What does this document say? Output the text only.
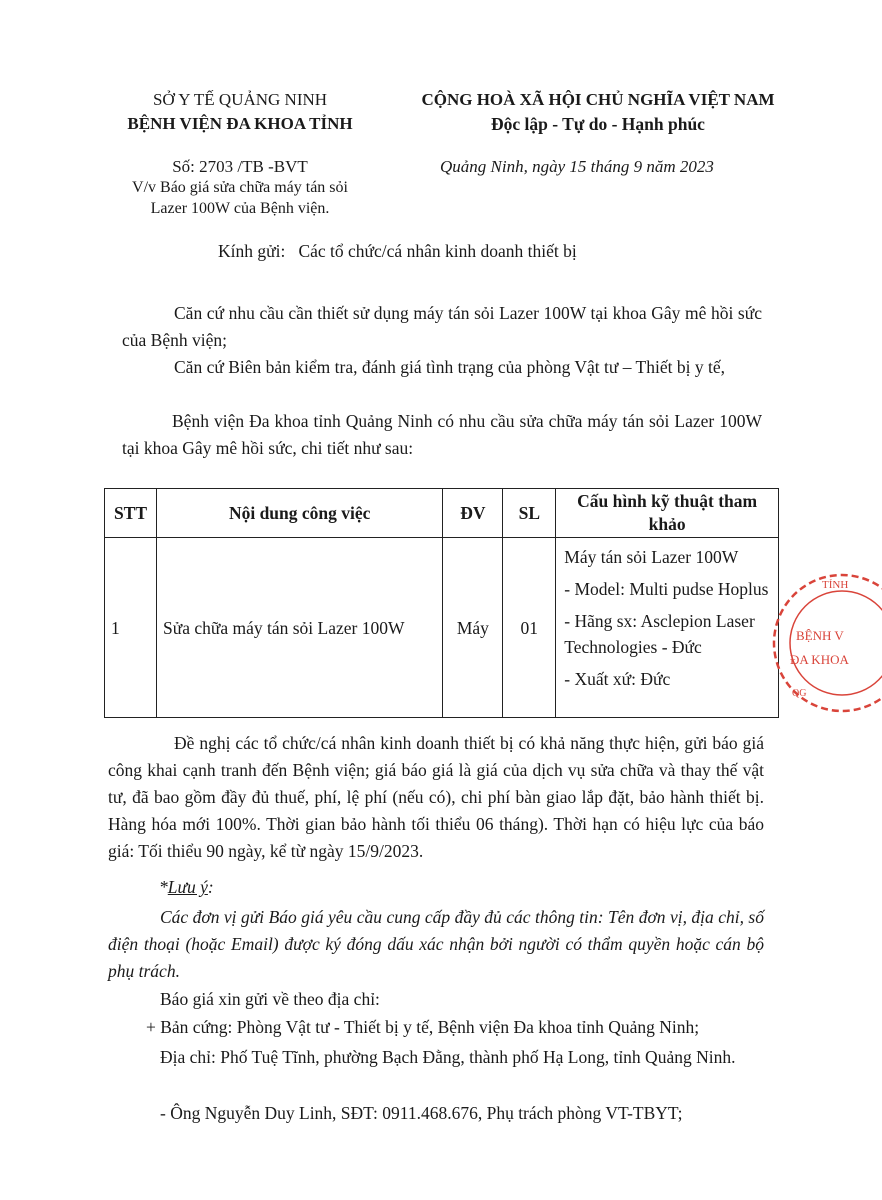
SỞ Y TẾ QUẢNG NINH
BỆNH VIỆN ĐA KHOA TỈNH
Số: 2703 /TB -BVT
V/v Báo giá sửa chữa máy tán sỏi
Lazer 100W của Bệnh viện.
CỘNG HOÀ XÃ HỘI CHỦ NGHĨA VIỆT NAM
Độc lập - Tự do - Hạnh phúc
Quảng Ninh, ngày 15 tháng 9 năm 2023
Kính gửi: Các tổ chức/cá nhân kinh doanh thiết bị
Căn cứ nhu cầu cần thiết sử dụng máy tán sỏi Lazer 100W tại khoa Gây mê hồi sức của Bệnh viện;
Căn cứ Biên bản kiểm tra, đánh giá tình trạng của phòng Vật tư – Thiết bị y tế,
Bệnh viện Đa khoa tỉnh Quảng Ninh có nhu cầu sửa chữa máy tán sỏi Lazer 100W tại khoa Gây mê hồi sức, chi tiết như sau:
STT	Nội dung công việc	ĐV	SL	Cấu hình kỹ thuật tham khảo
1	Sửa chữa máy tán sỏi Lazer 100W	Máy	01	Máy tán sỏi Lazer 100W
- Model: Multi pudse Hoplus
- Hãng sx: Asclepion Laser Technologies - Đức
- Xuất xứ: Đức
TỈNH
BỆNH V
ĐA KHOA
QG
Đề nghị các tổ chức/cá nhân kinh doanh thiết bị có khả năng thực hiện, gửi báo giá công khai cạnh tranh đến Bệnh viện; giá báo giá là giá của dịch vụ sửa chữa và thay thế vật tư, đã bao gồm đầy đủ thuế, phí, lệ phí (nếu có), chi phí bàn giao lắp đặt, bảo hành thiết bị. Hàng hóa mới 100%. Thời gian bảo hành tối thiểu 06 tháng). Thời hạn có hiệu lực của báo giá: Tối thiểu 90 ngày, kể từ ngày 15/9/2023.
*Lưu ý:
Các đơn vị gửi Báo giá yêu cầu cung cấp đầy đủ các thông tin: Tên đơn vị, địa chỉ, số điện thoại (hoặc Email) được ký đóng dấu xác nhận bởi người có thẩm quyền hoặc cán bộ phụ trách.
Báo giá xin gửi về theo địa chỉ:
+ Bản cứng: Phòng Vật tư - Thiết bị y tế, Bệnh viện Đa khoa tỉnh Quảng Ninh;
Địa chỉ: Phố Tuệ Tĩnh, phường Bạch Đằng, thành phố Hạ Long, tỉnh Quảng Ninh.
- Ông Nguyễn Duy Linh, SĐT: 0911.468.676, Phụ trách phòng VT-TBYT;
